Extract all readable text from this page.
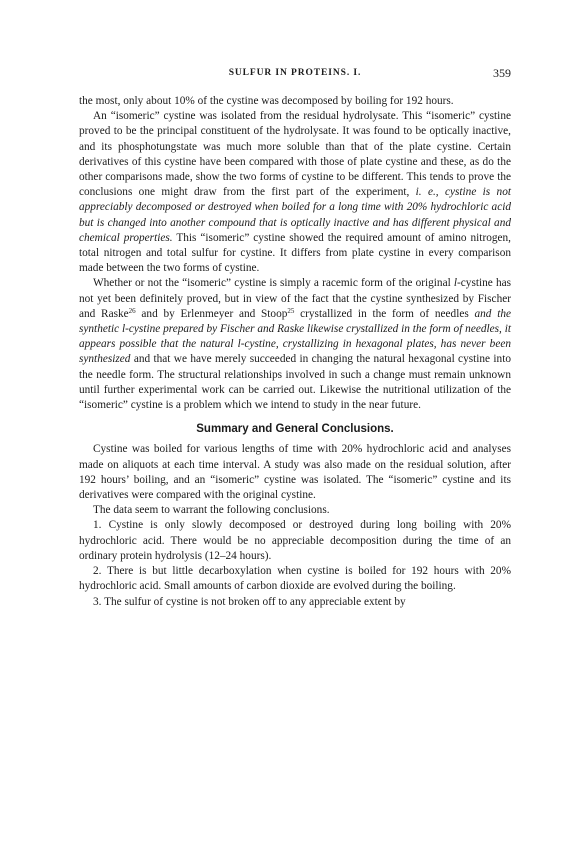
SULFUR IN PROTEINS. I.	359

the most, only about 10% of the cystine was decomposed by boiling for 192 hours.

An “isomeric” cystine was isolated from the residual hydrolysate. This “isomeric” cystine proved to be the principal constituent of the hydrolysate. It was found to be optically inactive, and its phosphotungstate was much more soluble than that of the plate cystine. Certain derivatives of this cystine have been compared with those of plate cystine and these, as do the other comparisons made, show the two forms of cystine to be different. This tends to prove the conclusions one might draw from the first part of the experiment, i. e., cystine is not appreciably decomposed or destroyed when boiled for a long time with 20% hydrochloric acid but is changed into another compound that is optically inactive and has different physical and chemical properties. This “isomeric” cystine showed the required amount of amino nitrogen, total nitrogen and total sulfur for cystine. It differs from plate cystine in every comparison made between the two forms of cystine.

Whether or not the “isomeric” cystine is simply a racemic form of the original l-cystine has not yet been definitely proved, but in view of the fact that the cystine synthesized by Fischer and Raske$^{26}$ and by Erlenmeyer and Stoop$^{25}$ crystallized in the form of needles and the synthetic l-cystine prepared by Fischer and Raske likewise crystallized in the form of needles, it appears possible that the natural l-cystine, crystallizing in hexagonal plates, has never been synthesized and that we have merely succeeded in changing the natural hexagonal cystine into the needle form. The structural relationships involved in such a change must remain unknown until further experimental work can be carried out. Likewise the nutritional utilization of the “isomeric” cystine is a problem which we intend to study in the near future.

Summary and General Conclusions.

Cystine was boiled for various lengths of time with 20% hydrochloric acid and analyses made on aliquots at each time interval. A study was also made on the residual solution, after 192 hours’ boiling, and an “isomeric” cystine was isolated. The “isomeric” cystine and its derivatives were compared with the original cystine.

The data seem to warrant the following conclusions.

1. Cystine is only slowly decomposed or destroyed during long boiling with 20% hydrochloric acid. There would be no appreciable decomposition during the time of an ordinary protein hydrolysis (12–24 hours).

2. There is but little decarboxylation when cystine is boiled for 192 hours with 20% hydrochloric acid. Small amounts of carbon dioxide are evolved during the boiling.

3. The sulfur of cystine is not broken off to any appreciable extent by
